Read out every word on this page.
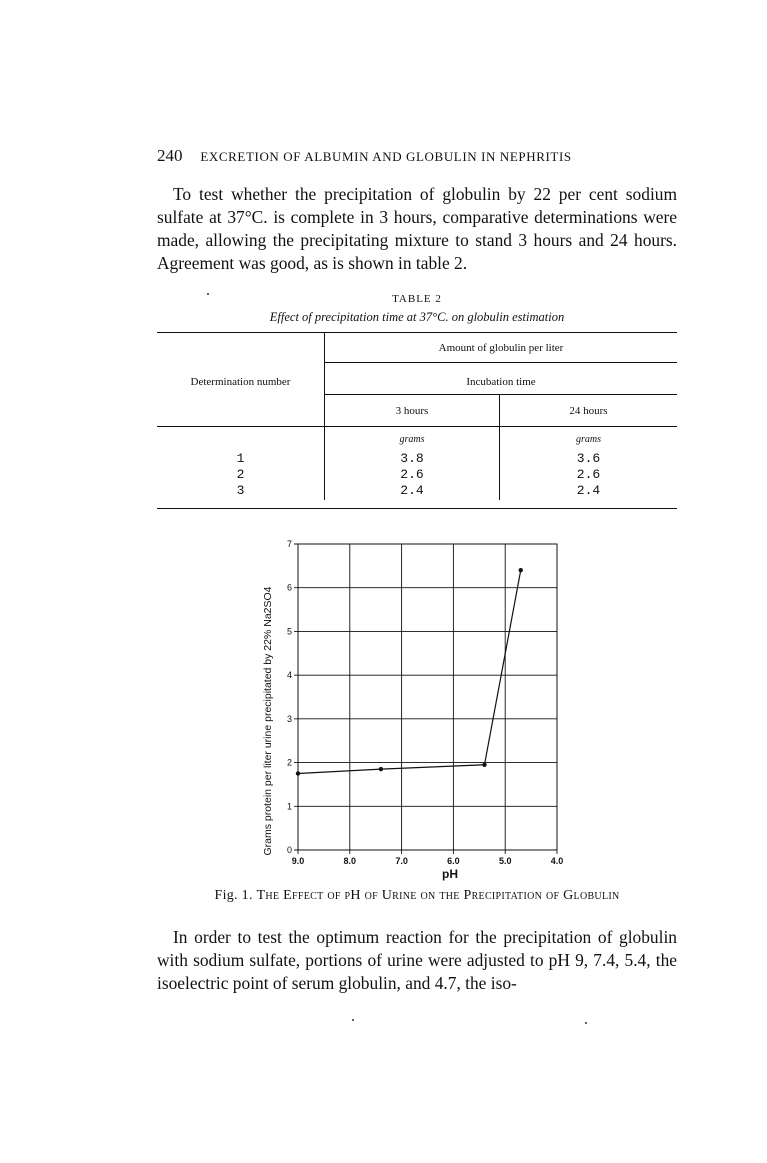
240 EXCRETION OF ALBUMIN AND GLOBULIN IN NEPHRITIS

To test whether the precipitation of globulin by 22 per cent sodium sulfate at 37°C. is complete in 3 hours, comparative determinations were made, allowing the precipitating mixture to stand 3 hours and 24 hours. Agreement was good, as is shown in table 2.

TABLE 2
Effect of precipitation time at 37°C. on globulin estimation
Amount of globulin per liter
Determination number	Incubation time
3 hours	24 hours
grams	grams
1	3.8	3.6
2	2.6	2.6
3	2.4	2.4
0
1
2
3
4
5
6
7
9.0	8.0	7.0	6.0	5.0	4.0
Grams protein per liter urine precipitated by 22% Na2SO4
pH
Fig. 1. The Effect of pH of Urine on the Precipitation of Globulin

In order to test the optimum reaction for the precipitation of globulin with sodium sulfate, portions of urine were adjusted to pH 9, 7.4, 5.4, the isoelectric point of serum globulin, and 4.7, the iso-
